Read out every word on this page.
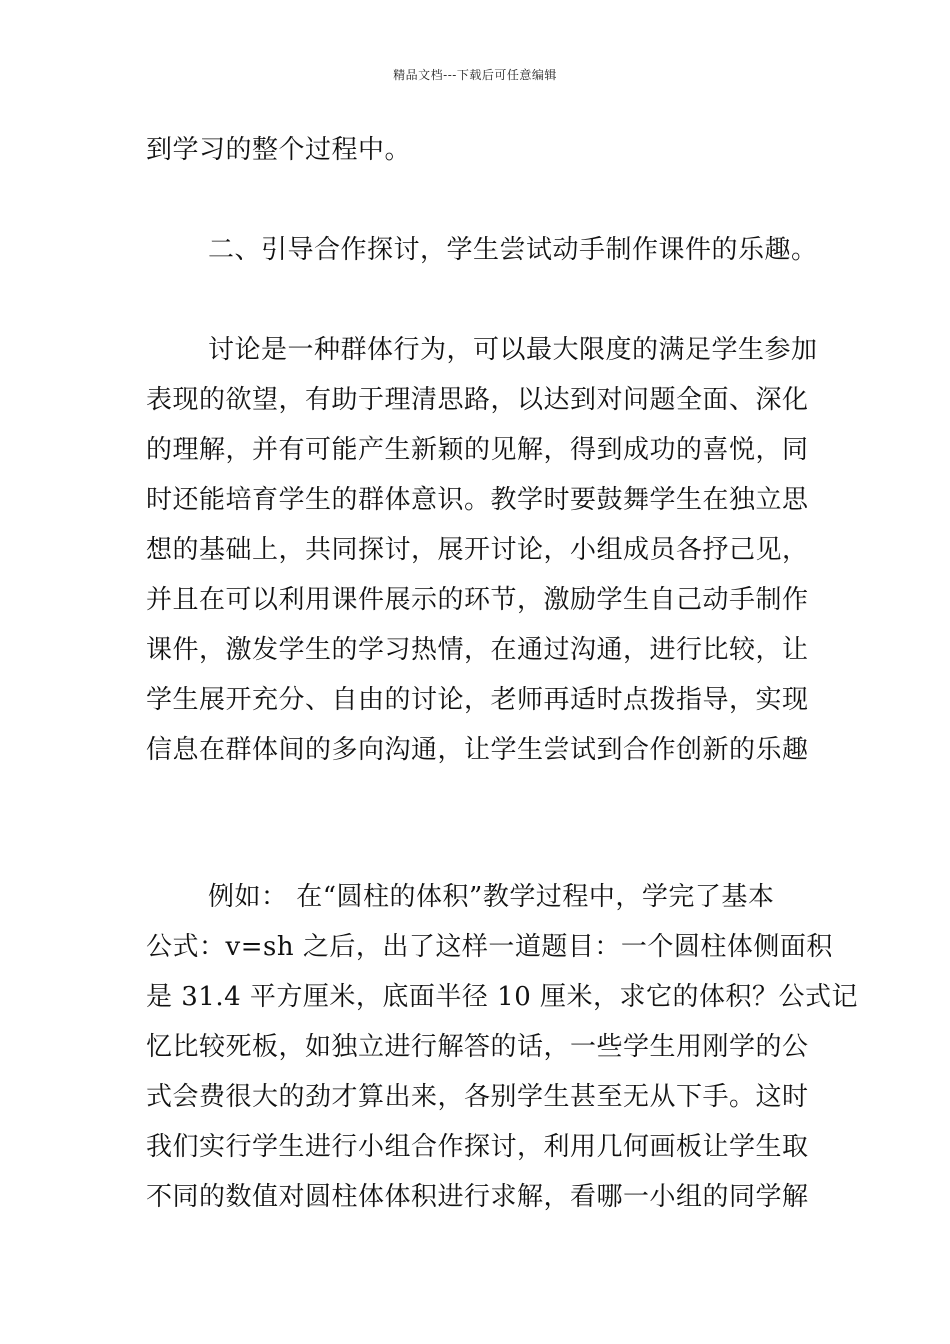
精品文档---下载后可任意编辑
到学习的整个过程中。
二、引导合作探讨，学生尝试动手制作课件的乐趣。
讨论是一种群体行为，可以最大限度的满足学生参加
表现的欲望，有助于理清思路，以达到对问题全面、深化
的理解，并有可能产生新颖的见解，得到成功的喜悦，同
时还能培育学生的群体意识。教学时要鼓舞学生在独立思
想的基础上，共同探讨，展开讨论，小组成员各抒己见，
并且在可以利用课件展示的环节，激励学生自己动手制作
课件，激发学生的学习热情，在通过沟通，进行比较，让
学生展开充分、自由的讨论，老师再适时点拨指导，实现
信息在群体间的多向沟通，让学生尝试到合作创新的乐趣
例如： 在“圆柱的体积”教学过程中，学完了基本
公式：v=sh 之后，出了这样一道题目：一个圆柱体侧面积
是 31.4 平方厘米，底面半径 10 厘米，求它的体积？公式记
忆比较死板，如独立进行解答的话，一些学生用刚学的公
式会费很大的劲才算出来，各别学生甚至无从下手。这时
我们实行学生进行小组合作探讨，利用几何画板让学生取
不同的数值对圆柱体体积进行求解，看哪一小组的同学解
